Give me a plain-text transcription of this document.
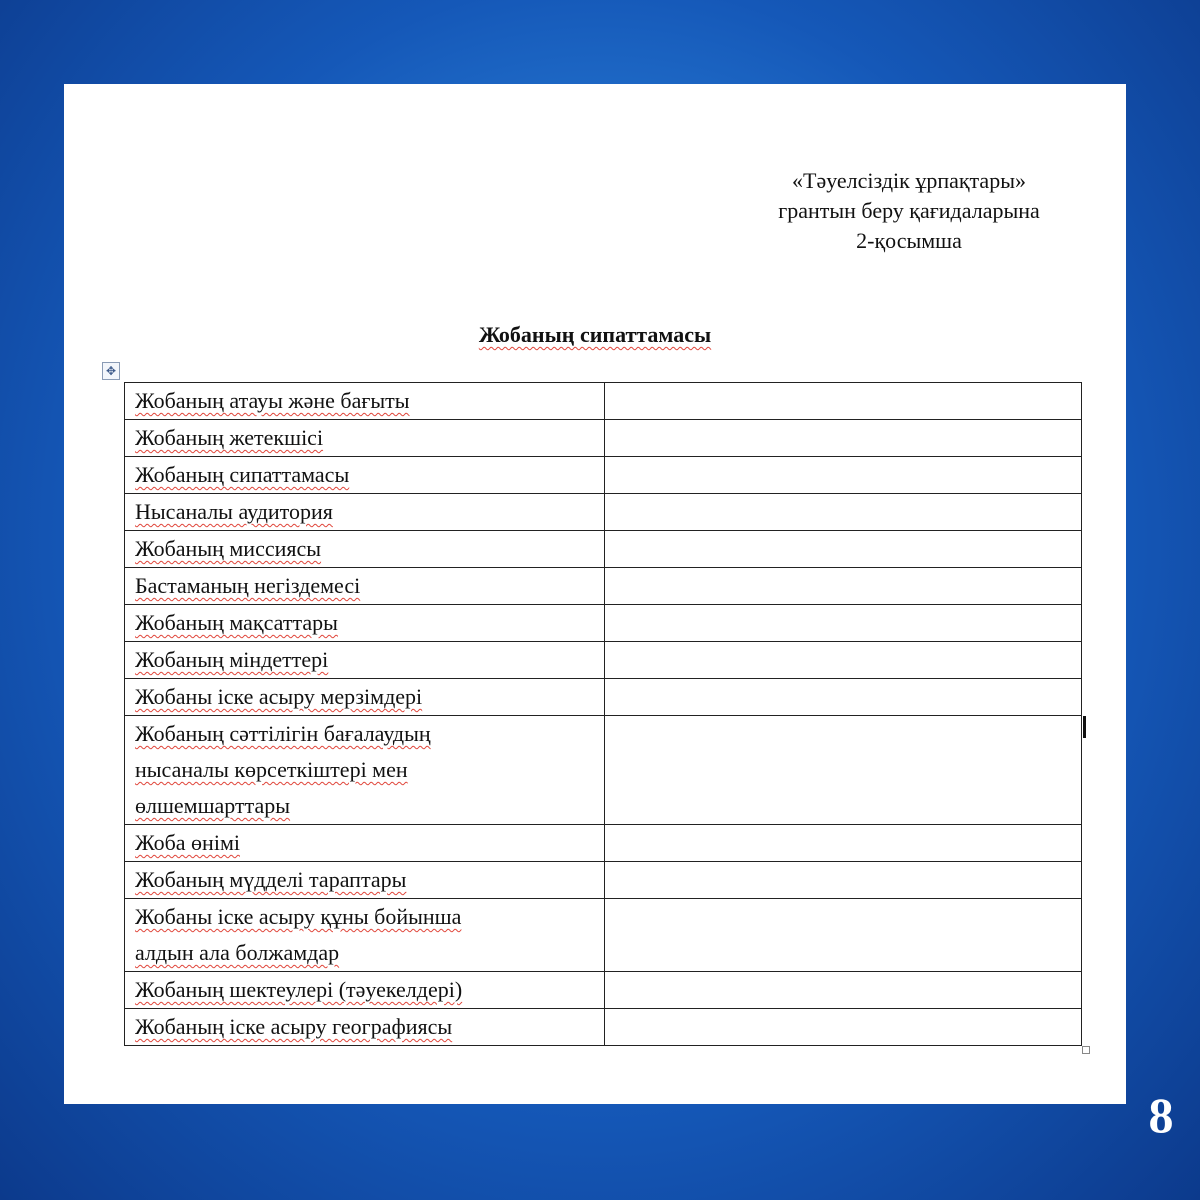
«Тәуелсіздік ұрпақтары»
грантын беру қағидаларына
2-қосымша
Жобаның сипаттамасы
✥
Жобаның атауы және бағыты	

Жобаның жетекшісі	

Жобаның сипаттамасы	

Нысаналы аудитория	

Жобаның миссиясы	

Бастаманың негіздемесі	

Жобаның мақсаттары	

Жобаның міндеттері	

Жобаны іске асыру мерзімдері	

Жобаның сәттілігін бағалаудың
нысаналы көрсеткіштері мен
өлшемшарттары	

Жоба өнімі	

Жобаның мүдделі тараптары	

Жобаны іске асыру құны бойынша
алдын ала болжамдар	

Жобаның шектеулері (тәуекелдері)	

Жобаның іске асыру географиясы	

8
